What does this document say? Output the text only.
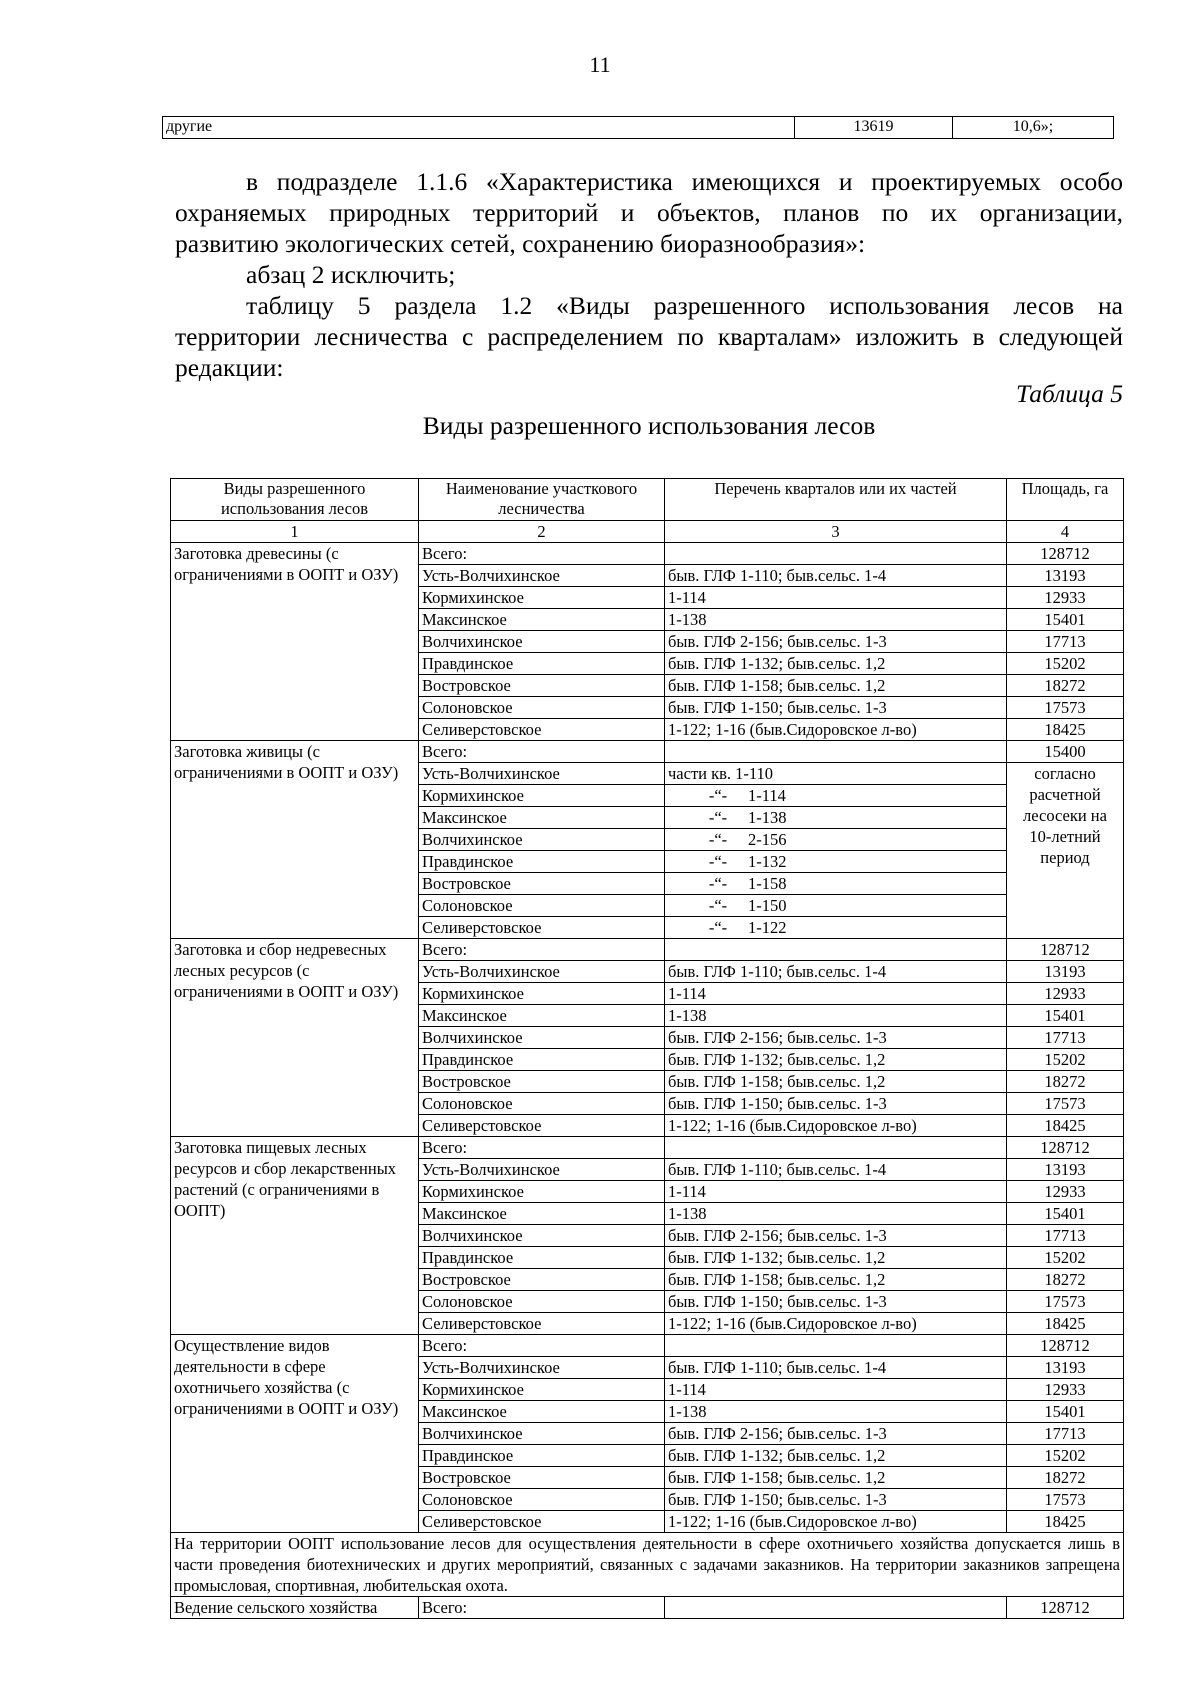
11
другие	13619	10,6»;

в подразделе 1.1.6 «Характеристика имеющихся и проектируемых особо

охраняемых природных территорий и объектов, планов по их организации,

развитию экологических сетей, сохранению биоразнообразия»:

абзац 2 исключить;

таблицу 5 раздела 1.2 «Виды разрешенного использования лесов на

территории лесничества с распределением по кварталам» изложить в следующей

редакции:

Таблица 5
Виды разрешенного использования лесов
Виды разрешенного использования лесов	Наименование участкового лесничества	Перечень кварталов или их частей	Площадь, га
1	2	3	4
Заготовка древесины (с ограничениями в ООПТ и ОЗУ)	Всего:		128712
	Усть-Волчихинское	быв. ГЛФ 1-110; быв.сельс. 1-4	13193
	Кормихинское	1-114	12933
	Максинское	1-138	15401
	Волчихинское	быв. ГЛФ 2-156; быв.сельс. 1-3	17713
	Правдинское	быв. ГЛФ 1-132; быв.сельс. 1,2	15202
	Востровское	быв. ГЛФ 1-158; быв.сельс. 1,2	18272
	Солоновское	быв. ГЛФ 1-150; быв.сельс. 1-3	17573
	Селиверстовское	1-122; 1-16 (быв.Сидоровское л-во)	18425
Заготовка живицы (с ограничениями в ООПТ и ОЗУ)	Всего:		15400
	Усть-Волчихинское	части кв. 1-110	согласно расчетной лесосеки на 10-летний период
	Кормихинское	-“- 1-114	
	Максинское	-“- 1-138	
	Волчихинское	-“- 2-156	
	Правдинское	-“- 1-132	
	Востровское	-“- 1-158	
	Солоновское	-“- 1-150	
	Селиверстовское	-“- 1-122	
Заготовка и сбор недревесных лесных ресурсов (с ограничениями в ООПТ и ОЗУ)	Всего:		128712
	Усть-Волчихинское	быв. ГЛФ 1-110; быв.сельс. 1-4	13193
	Кормихинское	1-114	12933
	Максинское	1-138	15401
	Волчихинское	быв. ГЛФ 2-156; быв.сельс. 1-3	17713
	Правдинское	быв. ГЛФ 1-132; быв.сельс. 1,2	15202
	Востровское	быв. ГЛФ 1-158; быв.сельс. 1,2	18272
	Солоновское	быв. ГЛФ 1-150; быв.сельс. 1-3	17573
	Селиверстовское	1-122; 1-16 (быв.Сидоровское л-во)	18425
Заготовка пищевых лесных ресурсов и сбор лекарственных растений (с ограничениями в ООПТ)	Всего:		128712
	Усть-Волчихинское	быв. ГЛФ 1-110; быв.сельс. 1-4	13193
	Кормихинское	1-114	12933
	Максинское	1-138	15401
	Волчихинское	быв. ГЛФ 2-156; быв.сельс. 1-3	17713
	Правдинское	быв. ГЛФ 1-132; быв.сельс. 1,2	15202
	Востровское	быв. ГЛФ 1-158; быв.сельс. 1,2	18272
	Солоновское	быв. ГЛФ 1-150; быв.сельс. 1-3	17573
	Селиверстовское	1-122; 1-16 (быв.Сидоровское л-во)	18425
Осуществление видов деятельности в сфере охотничьего хозяйства (с ограничениями в ООПТ и ОЗУ)	Всего:		128712
	Усть-Волчихинское	быв. ГЛФ 1-110; быв.сельс. 1-4	13193
	Кормихинское	1-114	12933
	Максинское	1-138	15401
	Волчихинское	быв. ГЛФ 2-156; быв.сельс. 1-3	17713
	Правдинское	быв. ГЛФ 1-132; быв.сельс. 1,2	15202
	Востровское	быв. ГЛФ 1-158; быв.сельс. 1,2	18272
	Солоновское	быв. ГЛФ 1-150; быв.сельс. 1-3	17573
	Селиверстовское	1-122; 1-16 (быв.Сидоровское л-во)	18425
На территории ООПТ использование лесов для осуществления деятельности в сфере охотничьего хозяйства допускается лишь в части проведения биотехнических и других мероприятий, связанных с задачами заказников. На территории заказников запрещена промысловая, спортивная, любительская охота.			
Ведение сельского хозяйства	Всего:		128712
